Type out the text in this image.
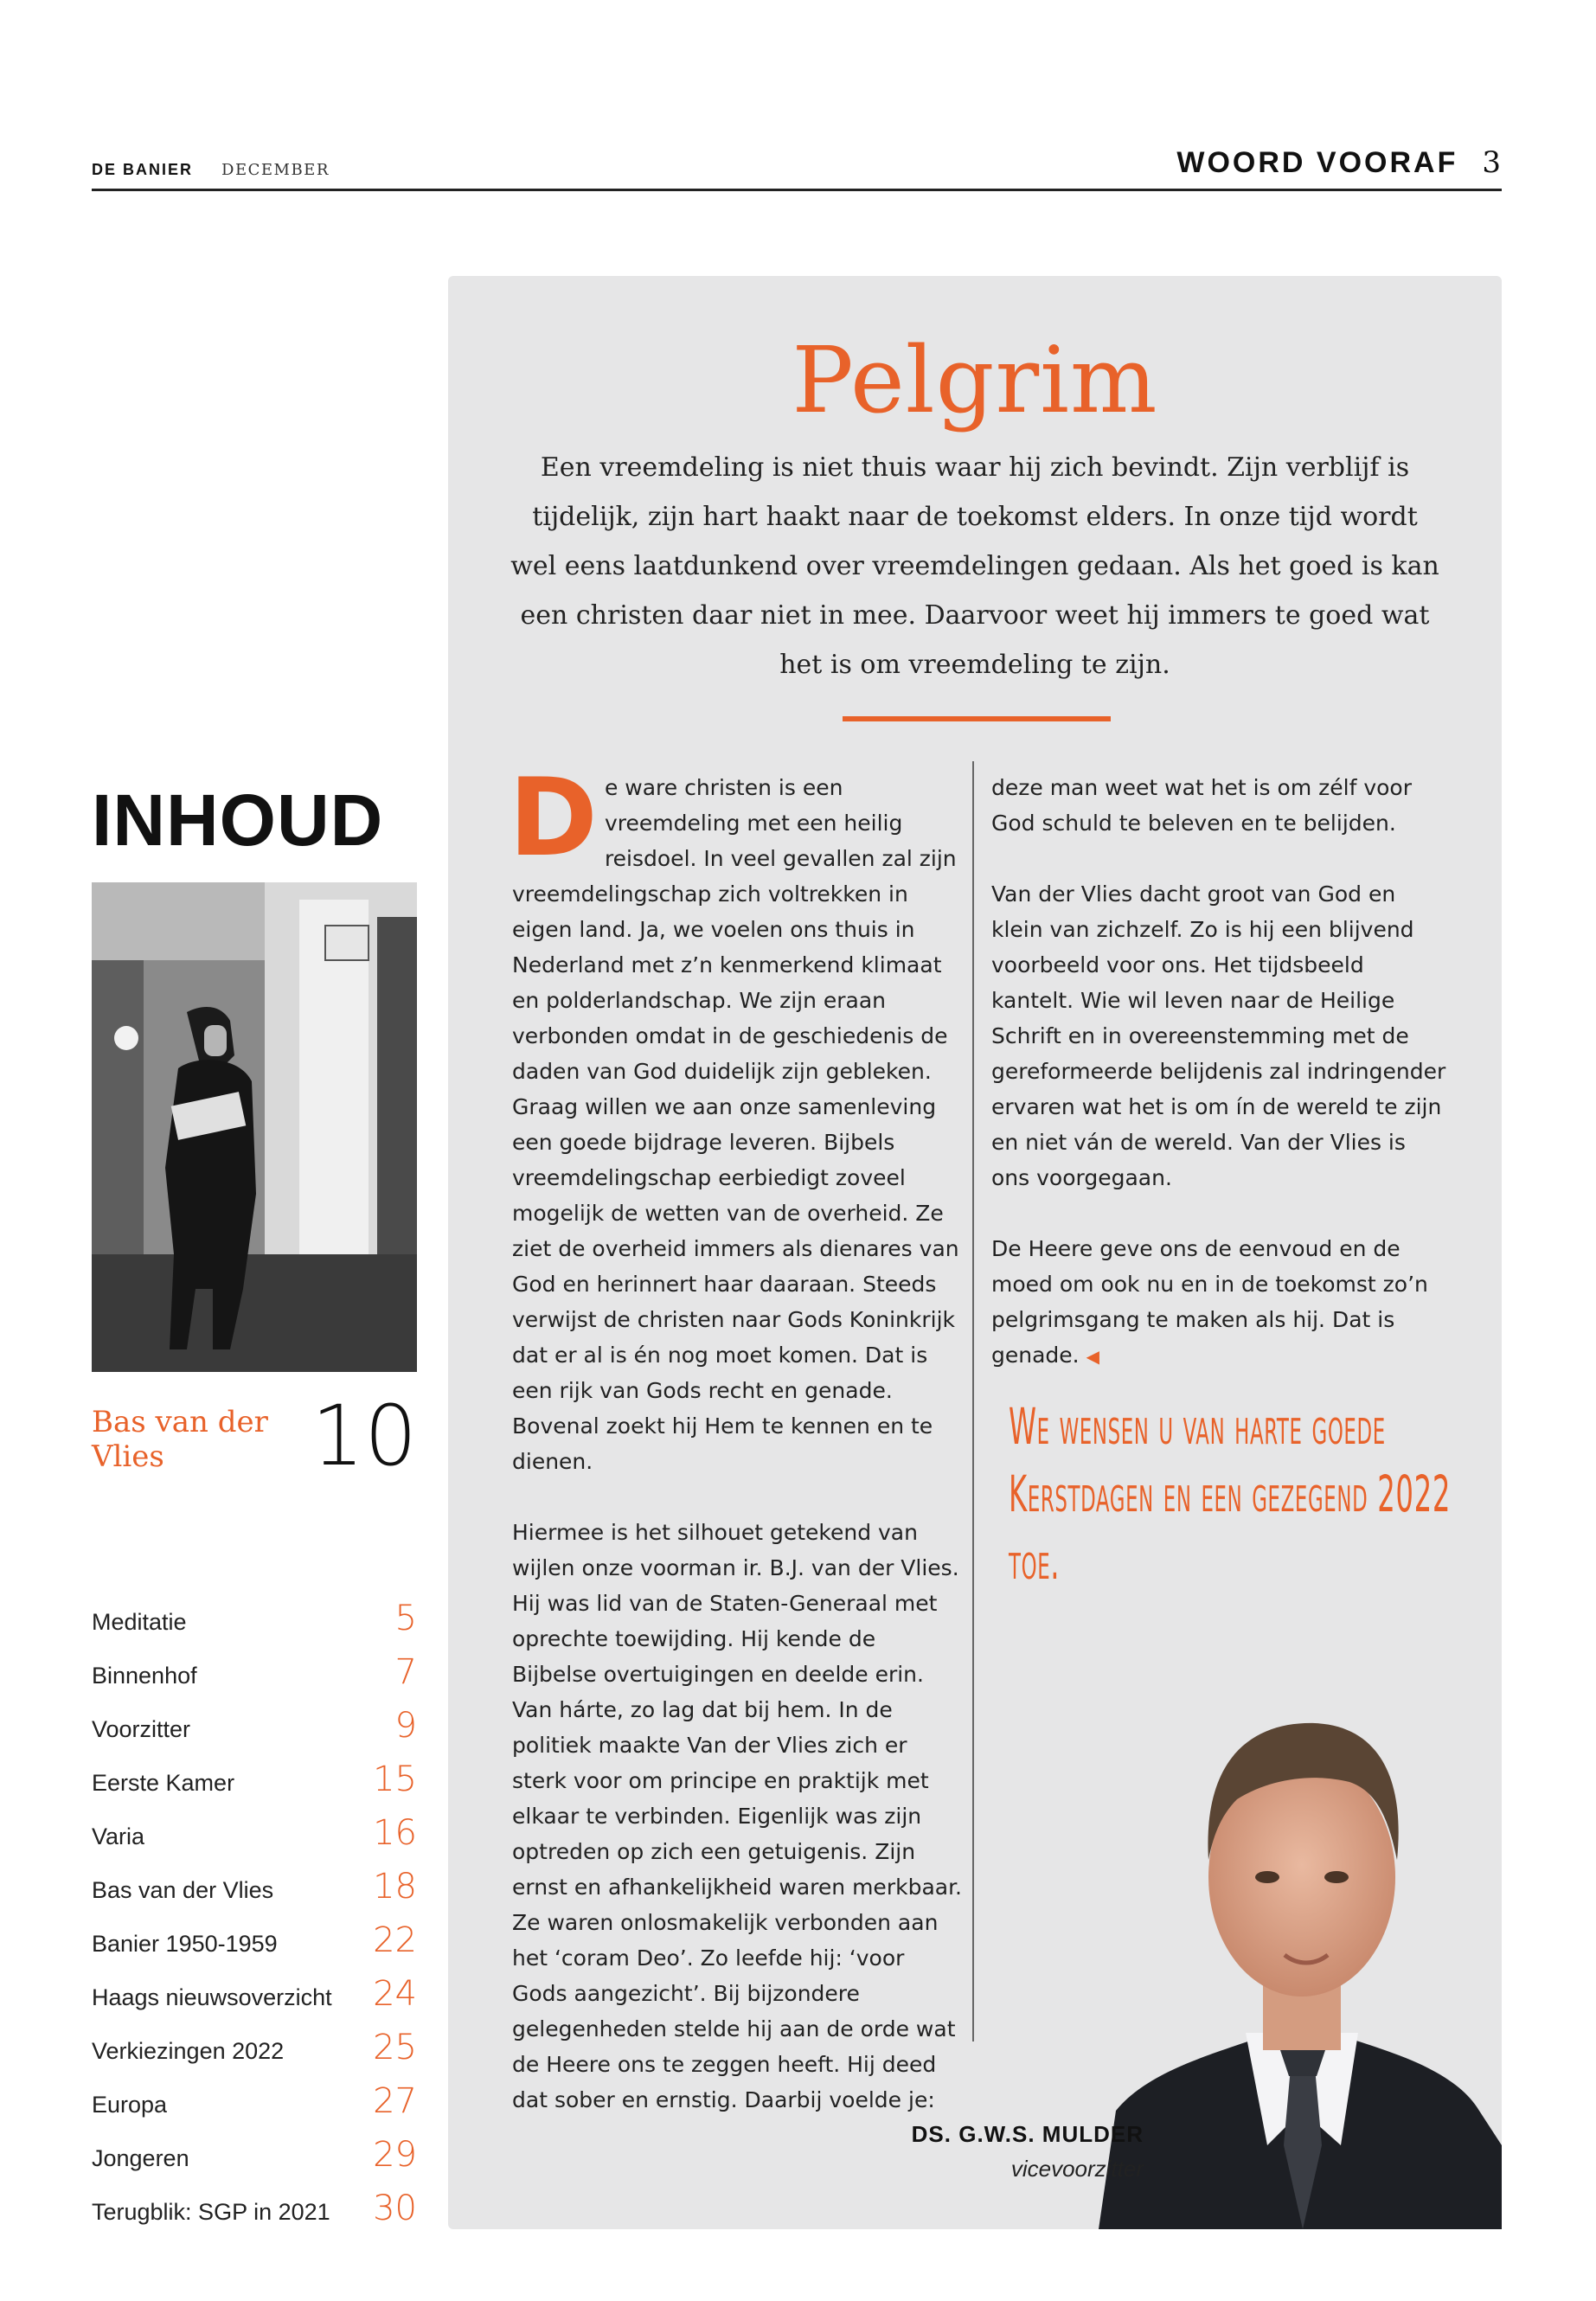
DE BANIER DECEMBER	WOORD VOORAF 3
Pelgrim
Een vreemdeling is niet thuis waar hij zich bevindt. Zijn verblijf is tijdelijk, zijn hart haakt naar de toekomst elders. In onze tijd wordt wel eens laatdunkend over vreemdelingen gedaan. Als het goed is kan een christen daar niet in mee. Daarvoor weet hij immers te goed wat het is om vreemdeling te zijn.

De ware christen is een vreemdeling met een heilig reisdoel. In veel gevallen zal zijn vreemdelingschap zich voltrekken in eigen land. Ja, we voelen ons thuis in Nederland met z’n kenmerkend klimaat en polderlandschap. We zijn eraan verbonden omdat in de geschiedenis de daden van God duidelijk zijn gebleken. Graag willen we aan onze samenleving een goede bijdrage leveren. Bijbels vreemdelingschap eerbiedigt zoveel mogelijk de wetten van de overheid. Ze ziet de overheid immers als dienares van God en herinnert haar daaraan. Steeds verwijst de christen naar Gods Koninkrijk dat er al is én nog moet komen. Dat is een rijk van Gods recht en genade. Bovenal zoekt hij Hem te kennen en te dienen.

Hiermee is het silhouet getekend van wijlen onze voorman ir. B.J. van der Vlies. Hij was lid van de Staten-Generaal met oprechte toewijding. Hij kende de Bijbelse overtuigingen en deelde erin. Van hárte, zo lag dat bij hem. In de politiek maakte Van der Vlies zich er sterk voor om principe en praktijk met elkaar te verbinden. Eigenlijk was zijn optreden op zich een getuigenis. Zijn ernst en afhankelijkheid waren merkbaar. Ze waren onlosmakelijk verbonden aan het ‘coram Deo’. Zo leefde hij: ‘voor Gods aangezicht’. Bij bijzondere gelegenheden stelde hij aan de orde wat de Heere ons te zeggen heeft. Hij deed dat sober en ernstig. Daarbij voelde je:

deze man weet wat het is om zélf voor God schuld te beleven en te belijden.

Van der Vlies dacht groot van God en klein van zichzelf. Zo is hij een blijvend voorbeeld voor ons. Het tijdsbeeld kantelt. Wie wil leven naar de Heilige Schrift en in overeenstemming met de gereformeerde belijdenis zal indringender ervaren wat het is om ín de wereld te zijn en niet ván de wereld. Van der Vlies is ons voorgegaan.

De Heere geve ons de eenvoud en de moed om ook nu en in de toekomst zo’n pelgrimsgang te maken als hij. Dat is genade. ◀

We wensen u van harte goede Kerstdagen en een gezegend 2022 toe.
DS. G.W.S. MULDER
vicevoorzitter
INHOUD
Bas van der Vlies	10
Meditatie	5
Binnenhof	7
Voorzitter	9
Eerste Kamer	15
Varia	16
Bas van der Vlies	18
Banier 1950-1959	22
Haags nieuwsoverzicht 24
Verkiezingen 2022	25
Europa	27
Jongeren	29
Terugblik: SGP in 2021 30
